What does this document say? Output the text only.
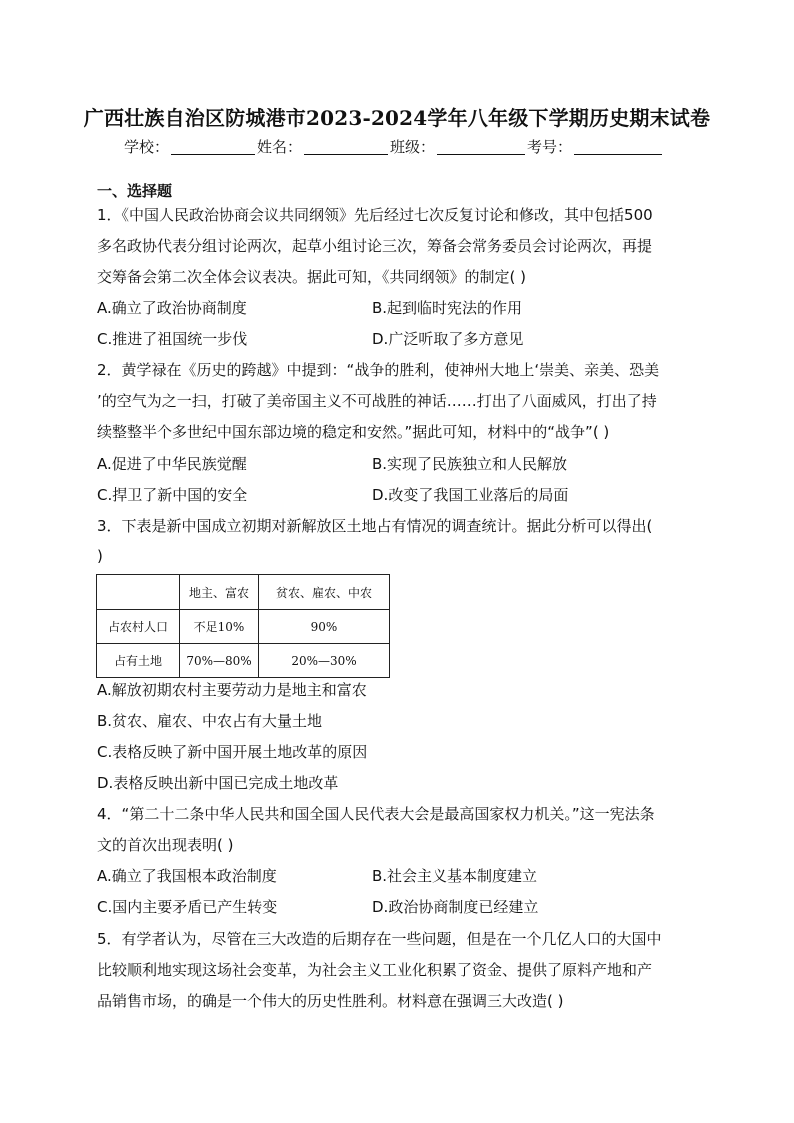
广西壮族自治区防城港市2023-2024学年八年级下学期历史期末试卷
学校：	姓名：	班级：	考号：
一、选择题
1．《中国人民政治协商会议共同纲领》先后经过七次反复讨论和修改，其中包括500
多名政协代表分组讨论两次，起草小组讨论三次，筹备会常务委员会讨论两次，再提
交筹备会第二次全体会议表决。据此可知，《共同纲领》的制定( )
A.确立了政治协商制度	B.起到临时宪法的作用
C.推进了祖国统一步伐	D.广泛听取了多方意见
2．黄学禄在《历史的跨越》中提到：“战争的胜利，使神州大地上‘崇美、亲美、恐美
’的空气为之一扫，打破了美帝国主义不可战胜的神话……打出了八面威风，打出了持
续整整半个多世纪中国东部边境的稳定和安然。”据此可知，材料中的“战争”( )
A.促进了中华民族觉醒	B.实现了民族独立和人民解放
C.捍卫了新中国的安全	D.改变了我国工业落后的局面
3．下表是新中国成立初期对新解放区土地占有情况的调查统计。据此分析可以得出(
)
	地主、富农	贫农、雇农、中农
占农村人口	不足10%	90%
占有土地	70%—80%	20%—30%
A.解放初期农村主要劳动力是地主和富农
B.贫农、雇农、中农占有大量土地
C.表格反映了新中国开展土地改革的原因
D.表格反映出新中国已完成土地改革
4．“第二十二条中华人民共和国全国人民代表大会是最高国家权力机关。”这一宪法条
文的首次出现表明( )
A.确立了我国根本政治制度	B.社会主义基本制度建立
C.国内主要矛盾已产生转变	D.政治协商制度已经建立
5．有学者认为，尽管在三大改造的后期存在一些问题，但是在一个几亿人口的大国中
比较顺利地实现这场社会变革，为社会主义工业化积累了资金、提供了原料产地和产
品销售市场，的确是一个伟大的历史性胜利。材料意在强调三大改造( )
